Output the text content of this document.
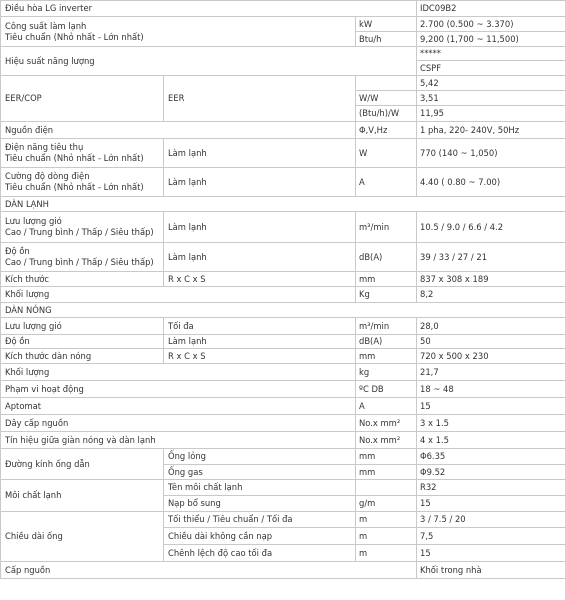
Điều hòa LG inverter			IDC09B2

Công suất làm lạnh
Tiêu chuẩn (Nhỏ nhất - Lớn nhất)		kW	2.700 (0.500 ~ 3.370)
		Btu/h	9,200 (1,700 ~ 11,500)
Hiệu suất năng lượng			*****
			CSPF
EER/COP	EER		5,42
		W/W	3,51
		(Btu/h)/W	11,95
Nguồn điện		Φ,V,Hz	1 pha, 220- 240V, 50Hz

Điện năng tiêu thụ
Tiêu chuẩn (Nhỏ nhất - Lớn nhất)	Làm lạnh	W	770 (140 ~ 1,050)

Cường độ dòng điện
Tiêu chuẩn (Nhỏ nhất - Lớn nhất)	Làm lạnh	A	4.40 ( 0.80 ~ 7.00)
DÀN LẠNH			

Lưu lượng gió
Cao / Trung bình / Thấp / Siêu thấp)	Làm lạnh	m³/min	10.5 / 9.0 / 6.6 / 4.2

Độ ồn
Cao / Trung bình / Thấp / Siêu thấp)	Làm lạnh	dB(A)	39 / 33 / 27 / 21
Kích thước	R x C x S	mm	837 x 308 x 189
Khối lượng		Kg	8,2
DÀN NÓNG			
Lưu lượng gió	Tối đa	m³/min	28,0
Độ ồn	Làm lạnh	dB(A)	50
Kích thước dàn nóng	R x C x S	mm	720 x 500 x 230
Khối lượng		kg	21,7
Phạm vi hoạt động		ºC DB	18 ~ 48
Aptomat		A	15
Dây cấp nguồn		No.x mm²	3 x 1.5
Tín hiệu giữa giàn nóng và dàn lạnh		No.x mm²	4 x 1.5
Đường kính ống dẫn	Ống lỏng	mm	Φ6.35
	Ống gas	mm	Φ9.52
Môi chất lạnh	Tên môi chất lạnh		R32
	Nạp bổ sung	g/m	15
Chiều dài ống	Tối thiểu / Tiêu chuẩn / Tối đa	m	3 / 7.5 / 20
	Chiều dài không cần nạp	m	7,5
	Chênh lệch độ cao tối đa	m	15
Cấp nguồn			Khối trong nhà
